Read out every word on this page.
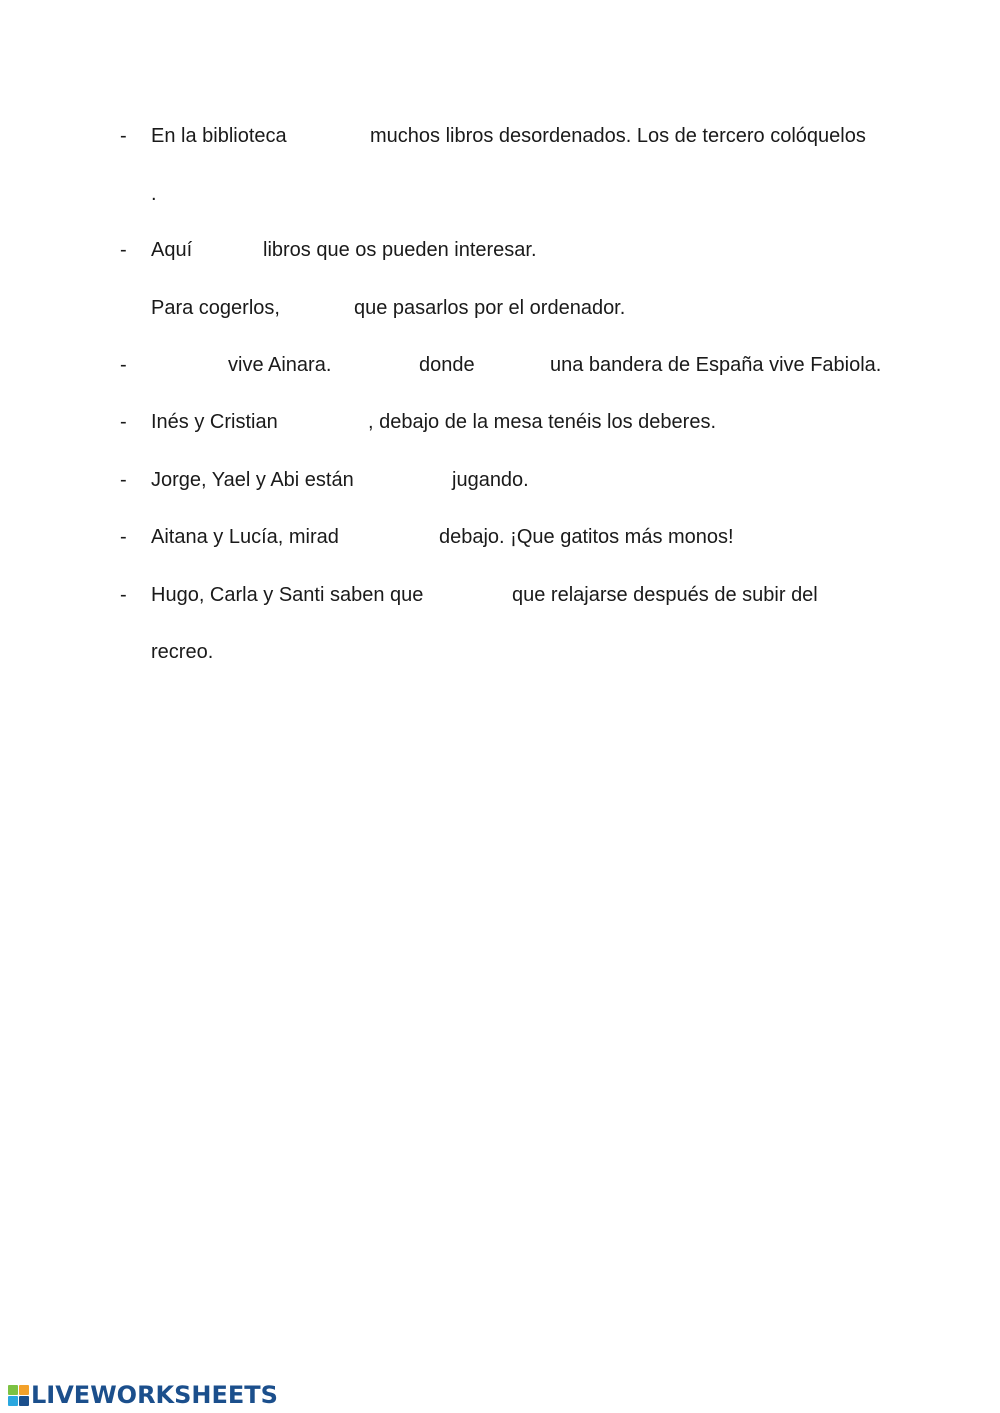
- En la biblioteca	muchos libros desordenados. Los de tercero colóquelos
.
- Aquí	libros que os pueden interesar.
Para cogerlos,	que pasarlos por el ordenador.
-	vive Ainara.	donde	una bandera de España vive Fabiola.
- Inés y Cristian	, debajo de la mesa tenéis los deberes.
- Jorge, Yael y Abi están	jugando.
- Aitana y Lucía, mirad	debajo. ¡Que gatitos más monos!
- Hugo, Carla y Santi saben que	que relajarse después de subir del
recreo.
LIVEWORKSHEETS
